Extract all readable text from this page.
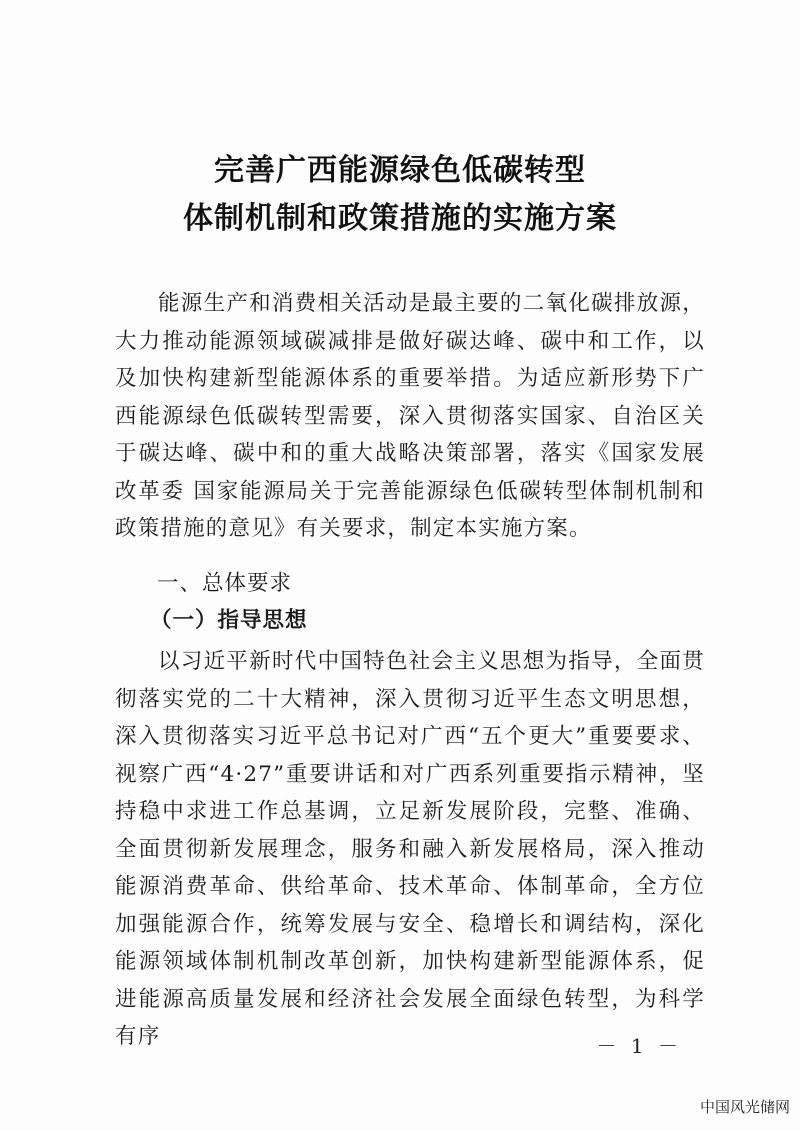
完善广西能源绿色低碳转型
体制机制和政策措施的实施方案

能源生产和消费相关活动是最主要的二氧化碳排放源，大力推动能源领域碳减排是做好碳达峰、碳中和工作，以及加快构建新型能源体系的重要举措。为适应新形势下广西能源绿色低碳转型需要，深入贯彻落实国家、自治区关于碳达峰、碳中和的重大战略决策部署，落实《国家发展改革委 国家能源局关于完善能源绿色低碳转型体制机制和政策措施的意见》有关要求，制定本实施方案。

一、总体要求
（一）指导思想

以习近平新时代中国特色社会主义思想为指导，全面贯彻落实党的二十大精神，深入贯彻习近平生态文明思想，深入贯彻落实习近平总书记对广西“五个更大”重要要求、视察广西“4·27”重要讲话和对广西系列重要指示精神，坚持稳中求进工作总基调，立足新发展阶段，完整、准确、全面贯彻新发展理念，服务和融入新发展格局，深入推动能源消费革命、供给革命、技术革命、体制革命，全方位加强能源合作，统筹发展与安全、稳增长和调结构，深化能源领域体制机制改革创新，加快构建新型能源体系，促进能源高质量发展和经济社会发展全面绿色转型，为科学有序	－ 1 －
中国风光储网
